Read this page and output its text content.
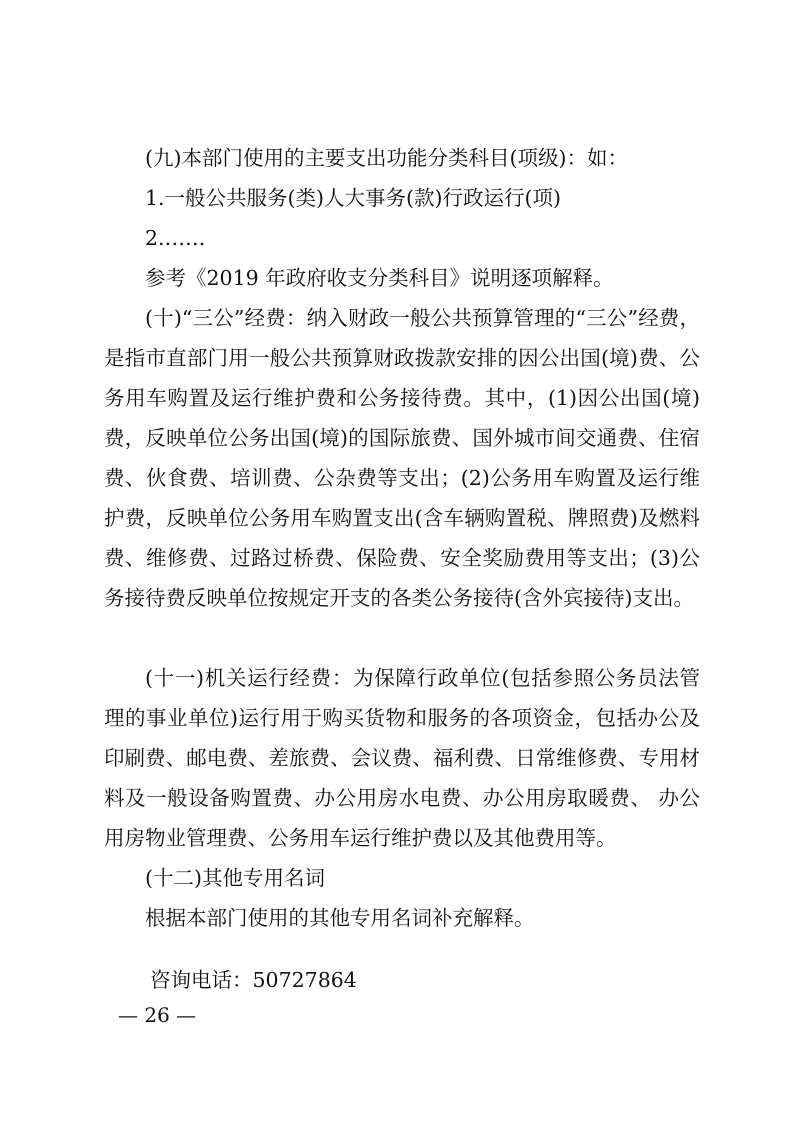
(九)本部门使用的主要支出功能分类科目(项级)：如：

1.一般公共服务(类)人大事务(款)行政运行(项)

2.……

参考《2019 年政府收支分类科目》说明逐项解释。

(十)“三公”经费：纳入财政一般公共预算管理的“三公”经费，是指市直部门用一般公共预算财政拨款安排的因公出国(境)费、公务用车购置及运行维护费和公务接待费。其中，(1)因公出国(境)费，反映单位公务出国(境)的国际旅费、国外城市间交通费、住宿费、伙食费、培训费、公杂费等支出；(2)公务用车购置及运行维护费，反映单位公务用车购置支出(含车辆购置税、牌照费)及燃料费、维修费、过路过桥费、保险费、安全奖励费用等支出；(3)公务接待费反映单位按规定开支的各类公务接待(含外宾接待)支出。

(十一)机关运行经费：为保障行政单位(包括参照公务员法管理的事业单位)运行用于购买货物和服务的各项资金，包括办公及印刷费、邮电费、差旅费、会议费、福利费、日常维修费、专用材料及一般设备购置费、办公用房水电费、办公用房取暖费、 办公用房物业管理费、公务用车运行维护费以及其他费用等。

(十二)其他专用名词

根据本部门使用的其他专用名词补充解释。

咨询电话：50727864

— 26 —
